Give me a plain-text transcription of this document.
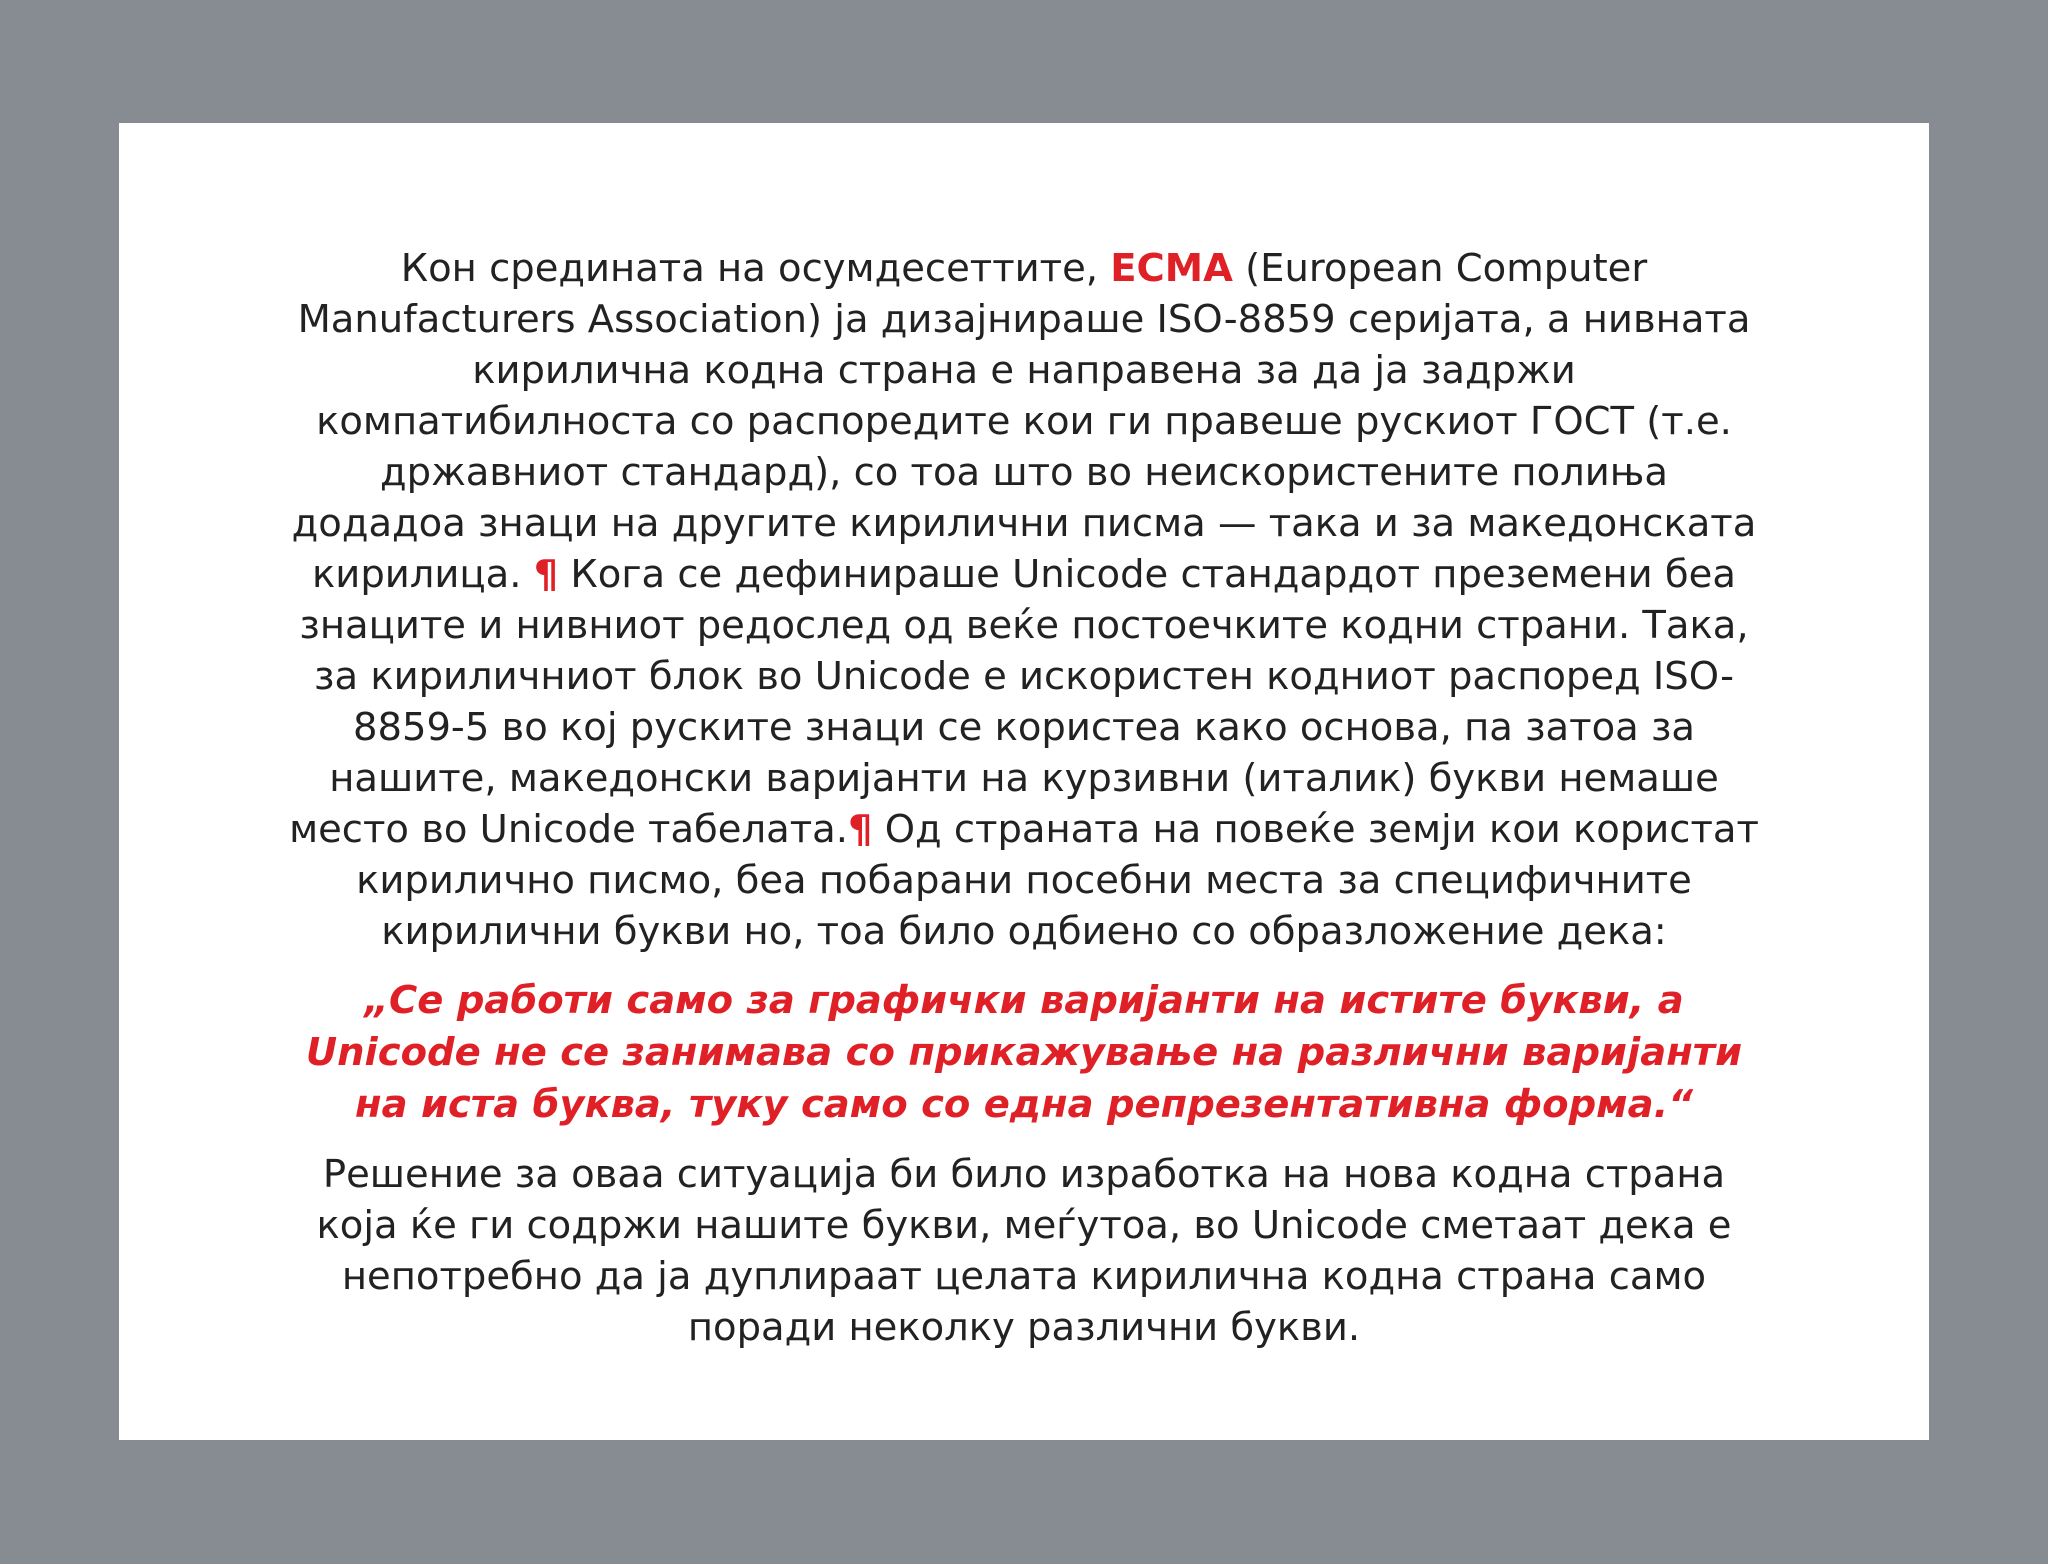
Кон средината на осумдесеттите, ECMA (European Computer Manufacturers Association) ја дизајнираше ISO-8859 серијата, а нивната кирилична кодна страна е направена за да ја задржи компатибилноста со распоредите кои ги правеше рускиот ГОСТ (т.е. државниот стандард), со тоа што во неискористените полиња додадоа знаци на другите кирилични писма — така и за македонската кирилица. ¶ Кога се дефинираше Unicode стандардот преземени беа знаците и нивниот редослед од веќе постоечките кодни страни. Така, за кириличниот блок во Unicode е искористен кодниот распоред ISO-8859-5 во кој руските знаци се користеа како основа, па затоа за нашите, македонски варијанти на курзивни (италик) букви немаше место во Unicode табелата.¶ Од страната на повеќе земји кои користат кирилично писмо, беа побарани посебни места за специфичните кирилични букви но, тоа било одбиено со образложение дека:

„Се работи само за графички варијанти на истите букви, а Unicode не се занимава со прикажување на различни варијанти на иста буква, туку само со една репрезентативна форма.“

Решение за оваа ситуација би било изработка на нова кодна страна која ќе ги содржи нашите букви, меѓутоа, во Unicode сметаат дека е непотребно да ја дуплираат целата кирилична кодна страна само поради неколку различни букви.
